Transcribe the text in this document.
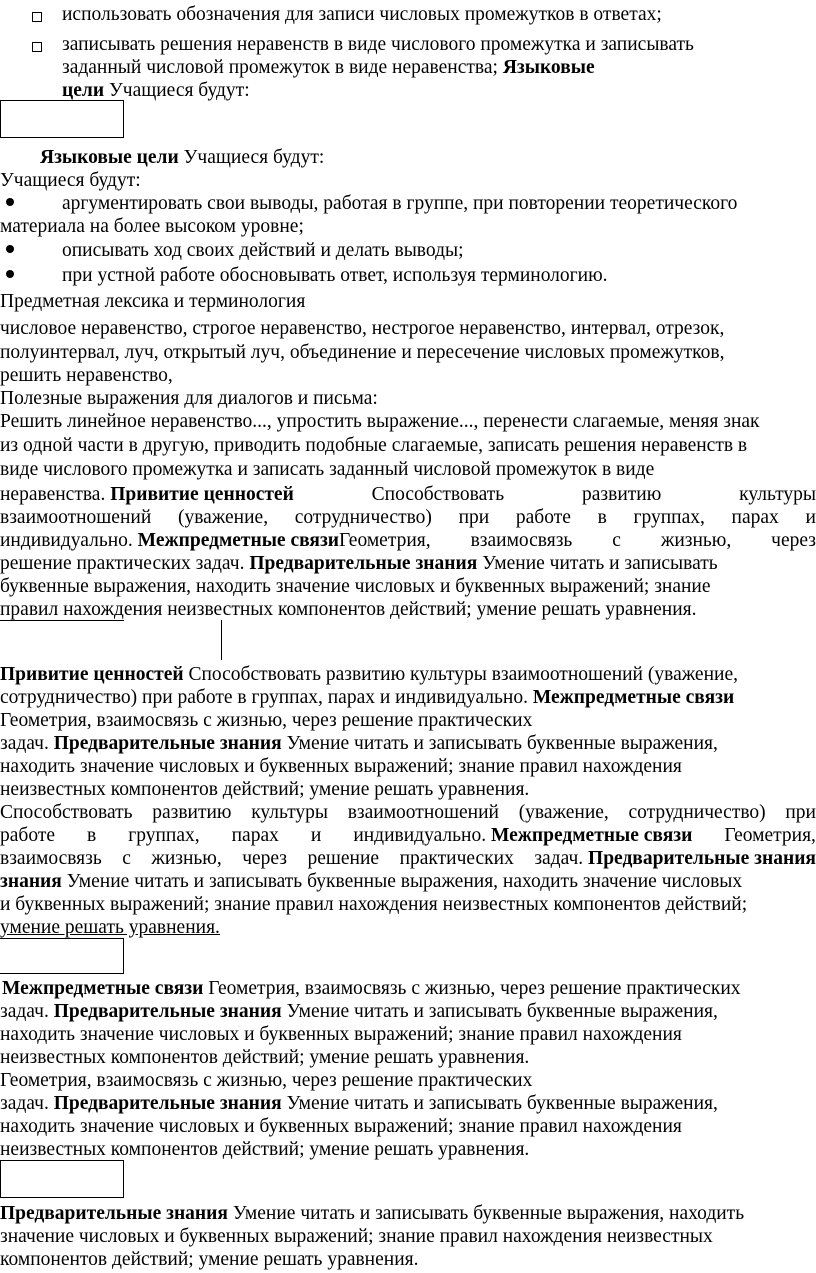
использовать обозначения для записи числовых промежутков в ответах;
записывать решения неравенств в виде числового промежутка и записывать
заданный числовой промежуток в виде неравенства; Языковые
цели Учащиеся будут:
Языковые цели Учащиеся будут:
Учащиеся будут:
аргументировать свои выводы, работая в группе, при повторении теоретического
материала на более высоком уровне;
описывать ход своих действий и делать выводы;
при устной работе обосновывать ответ, используя терминологию.
Предметная лексика и терминология
числовое неравенство, строгое неравенство, нестрогое неравенство, интервал, отрезок,
полуинтервал, луч, открытый луч, объединение и пересечение числовых промежутков,
решить неравенство,
Полезные выражения для диалогов и письма:
Решить линейное неравенство..., упростить выражение..., перенести слагаемые, меняя знак
из одной части в другую, приводить подобные слагаемые, записать решения неравенств в
виде числового промежутка и записать заданный числовой промежуток в виде
неравенства. Привитие ценностей	Способствовать	развитию	культуры
взаимоотношений (уважение, сотрудничество) при работе в группах, парах и
индивидуально. Межпредметные связиГеометрия, взаимосвязь с жизнью, через
решение практических задач. Предварительные знания Умение читать и записывать
буквенные выражения, находить значение числовых и буквенных выражений; знание
правил нахождения неизвестных компонентов действий; умение решать уравнения.
Привитие ценностей Способствовать развитию культуры взаимоотношений (уважение,
сотрудничество) при работе в группах, парах и индивидуально. Межпредметные связи
Геометрия, взаимосвязь с жизнью, через решение практических
задач. Предварительные знания Умение читать и записывать буквенные выражения,
находить значение числовых и буквенных выражений; знание правил нахождения
неизвестных компонентов действий; умение решать уравнения.
Способствовать развитию культуры взаимоотношений (уважение, сотрудничество) при
работе в группах, парах и индивидуально. Межпредметные связи Геометрия,
взаимосвязь с жизнью, через решение практических задач. Предварительные знания
знания Умение читать и записывать буквенные выражения, находить значение числовых
и буквенных выражений; знание правил нахождения неизвестных компонентов действий;
умение решать уравнения.
Межпредметные связи Геометрия, взаимосвязь с жизнью, через решение практических
задач. Предварительные знания Умение читать и записывать буквенные выражения,
находить значение числовых и буквенных выражений; знание правил нахождения
неизвестных компонентов действий; умение решать уравнения.
Геометрия, взаимосвязь с жизнью, через решение практических
задач. Предварительные знания Умение читать и записывать буквенные выражения,
находить значение числовых и буквенных выражений; знание правил нахождения
неизвестных компонентов действий; умение решать уравнения.
Предварительные знания Умение читать и записывать буквенные выражения, находить
значение числовых и буквенных выражений; знание правил нахождения неизвестных
компонентов действий; умение решать уравнения.
